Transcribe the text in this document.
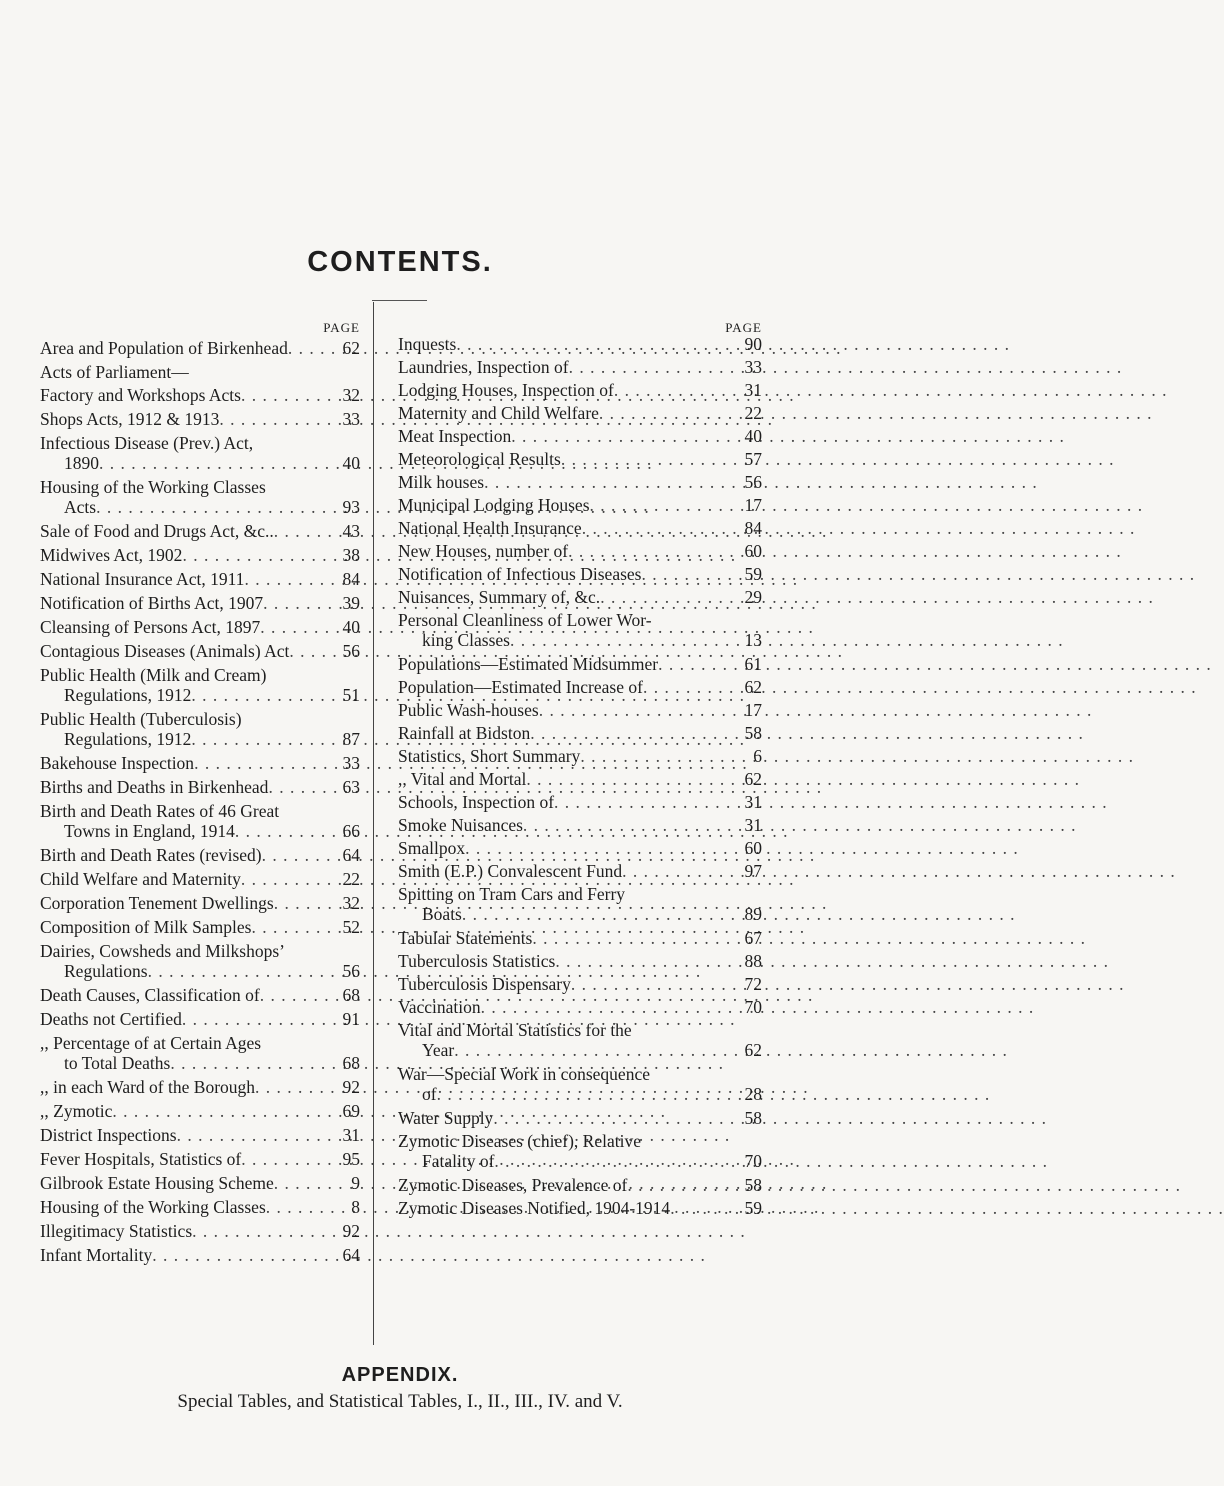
CONTENTS.
PAGE
Area and Population of Birkenhead . . .	62
Acts of Parliament—
Factory and Workshops Acts . . .	32
Shops Acts, 1912 & 1913 . . .	33
Infectious Disease (Prev.) Act,
1890 . . .	40
Housing of the Working Classes
Acts . . .	93
Sale of Food and Drugs Act, &c.. . . .	43
Midwives Act, 1902 . . .	38
National Insurance Act, 1911 . . .	84
Notification of Births Act, 1907 . . .	39
Cleansing of Persons Act, 1897 . . .	40
Contagious Diseases (Animals) Act . . .	56
Public Health (Milk and Cream)
Regulations, 1912 . . .	51
Public Health (Tuberculosis)
Regulations, 1912 . . .	87
Bakehouse Inspection . . .	33
Births and Deaths in Birkenhead . . .	63
Birth and Death Rates of 46 Great
Towns in England, 1914 . . .	66
Birth and Death Rates (revised) . . .	64
Child Welfare and Maternity . . .	22
Corporation Tenement Dwellings . . .	32
Composition of Milk Samples . . .	52
Dairies, Cowsheds and Milkshops’
Regulations . . .	56
Death Causes, Classification of . . .	68
Deaths not Certified . . .	91
,, Percentage of at Certain Ages
to Total Deaths . . .	68
,, in each Ward of the Borough . . .	92
,, Zymotic . . .	69
District Inspections . . .	31
Fever Hospitals, Statistics of . . .	95
Gilbrook Estate Housing Scheme . . .	9
Housing of the Working Classes . . .	8
Illegitimacy Statistics . . .	92
Infant Mortality . . .	64
PAGE
Inquests . . .	90
Laundries, Inspection of . . .	33
Lodging Houses, Inspection of . . .	31
Maternity and Child Welfare . . .	22
Meat Inspection . . .	40
Meteorological Results . . .	57
Milk houses . . .	56
Municipal Lodging Houses . . .	17
National Health Insurance . . .	84
New Houses, number of . . .	60
Notification of Infectious Diseases . . .	59
Nuisances, Summary of, &c. . . .	29
Personal Cleanliness of Lower Wor-
king Classes . . .	13
Populations—Estimated Midsummer . . .	61
Population—Estimated Increase of . . .	62
Public Wash-houses . . .	17
Rainfall at Bidston . . .	58
Statistics, Short Summary . . .	6
,, Vital and Mortal . . .	62
Schools, Inspection of . . .	31
Smoke Nuisances . . .	31
Smallpox . . .	60
Smith (E.P.) Convalescent Fund . . .	97
Spitting on Tram Cars and Ferry
Boats . . .	89
Tabular Statements . . .	67
Tuberculosis Statistics . . .	88
Tuberculosis Dispensary . . .	72
Vaccination . . .	70
Vital and Mortal Statistics for the
Year . . .	62
War—Special Work in consequence
of . . .	28
Water Supply . . .	58
Zymotic Diseases (chief), Relative
Fatality of . . .	70
Zymotic Diseases, Prevalence of . . .	58
Zymotic Diseases Notified, 1904-1914 . . .	59
APPENDIX.
Special Tables, and Statistical Tables, I., II., III., IV. and V.
